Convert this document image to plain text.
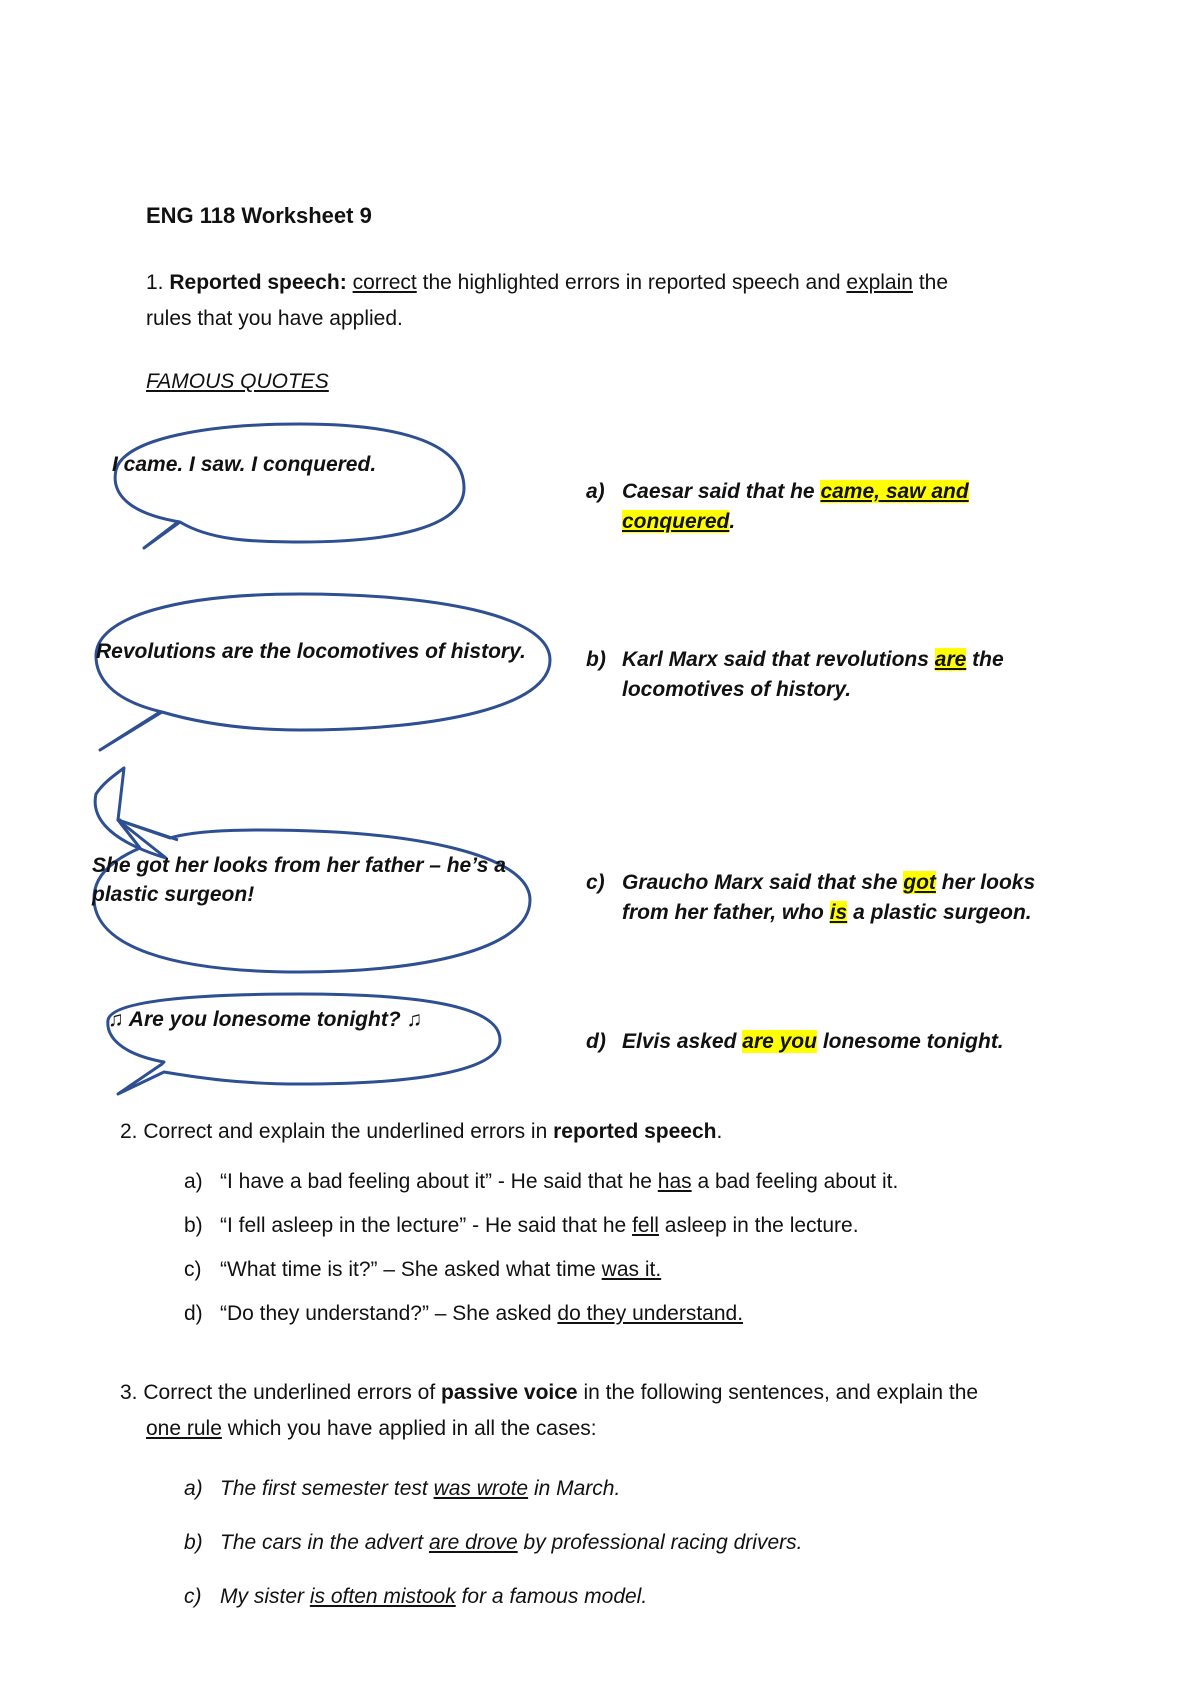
ENG 118 Worksheet 9
1. Reported speech: correct the highlighted errors in reported speech and explain the
rules that you have applied.
FAMOUS QUOTES
I came. I saw. I conquered.
Revolutions are the locomotives of history.
She got her looks from her father – he’s a
plastic surgeon!
♫ Are you lonesome tonight? ♫
a) Caesar said that he came, saw and
conquered.
b) Karl Marx said that revolutions are the
locomotives of history.
c) Graucho Marx said that she got her looks
from her father, who is a plastic surgeon.
d) Elvis asked are you lonesome tonight.
2. Correct and explain the underlined errors in reported speech.
a) “I have a bad feeling about it” - He said that he has a bad feeling about it.
b) “I fell asleep in the lecture” - He said that he fell asleep in the lecture.
c) “What time is it?” – She asked what time was it.
d) “Do they understand?” – She asked do they understand.
3. Correct the underlined errors of passive voice in the following sentences, and explain the
one rule which you have applied in all the cases:
a) The first semester test was wrote in March.
b) The cars in the advert are drove by professional racing drivers.
c) My sister is often mistook for a famous model.
